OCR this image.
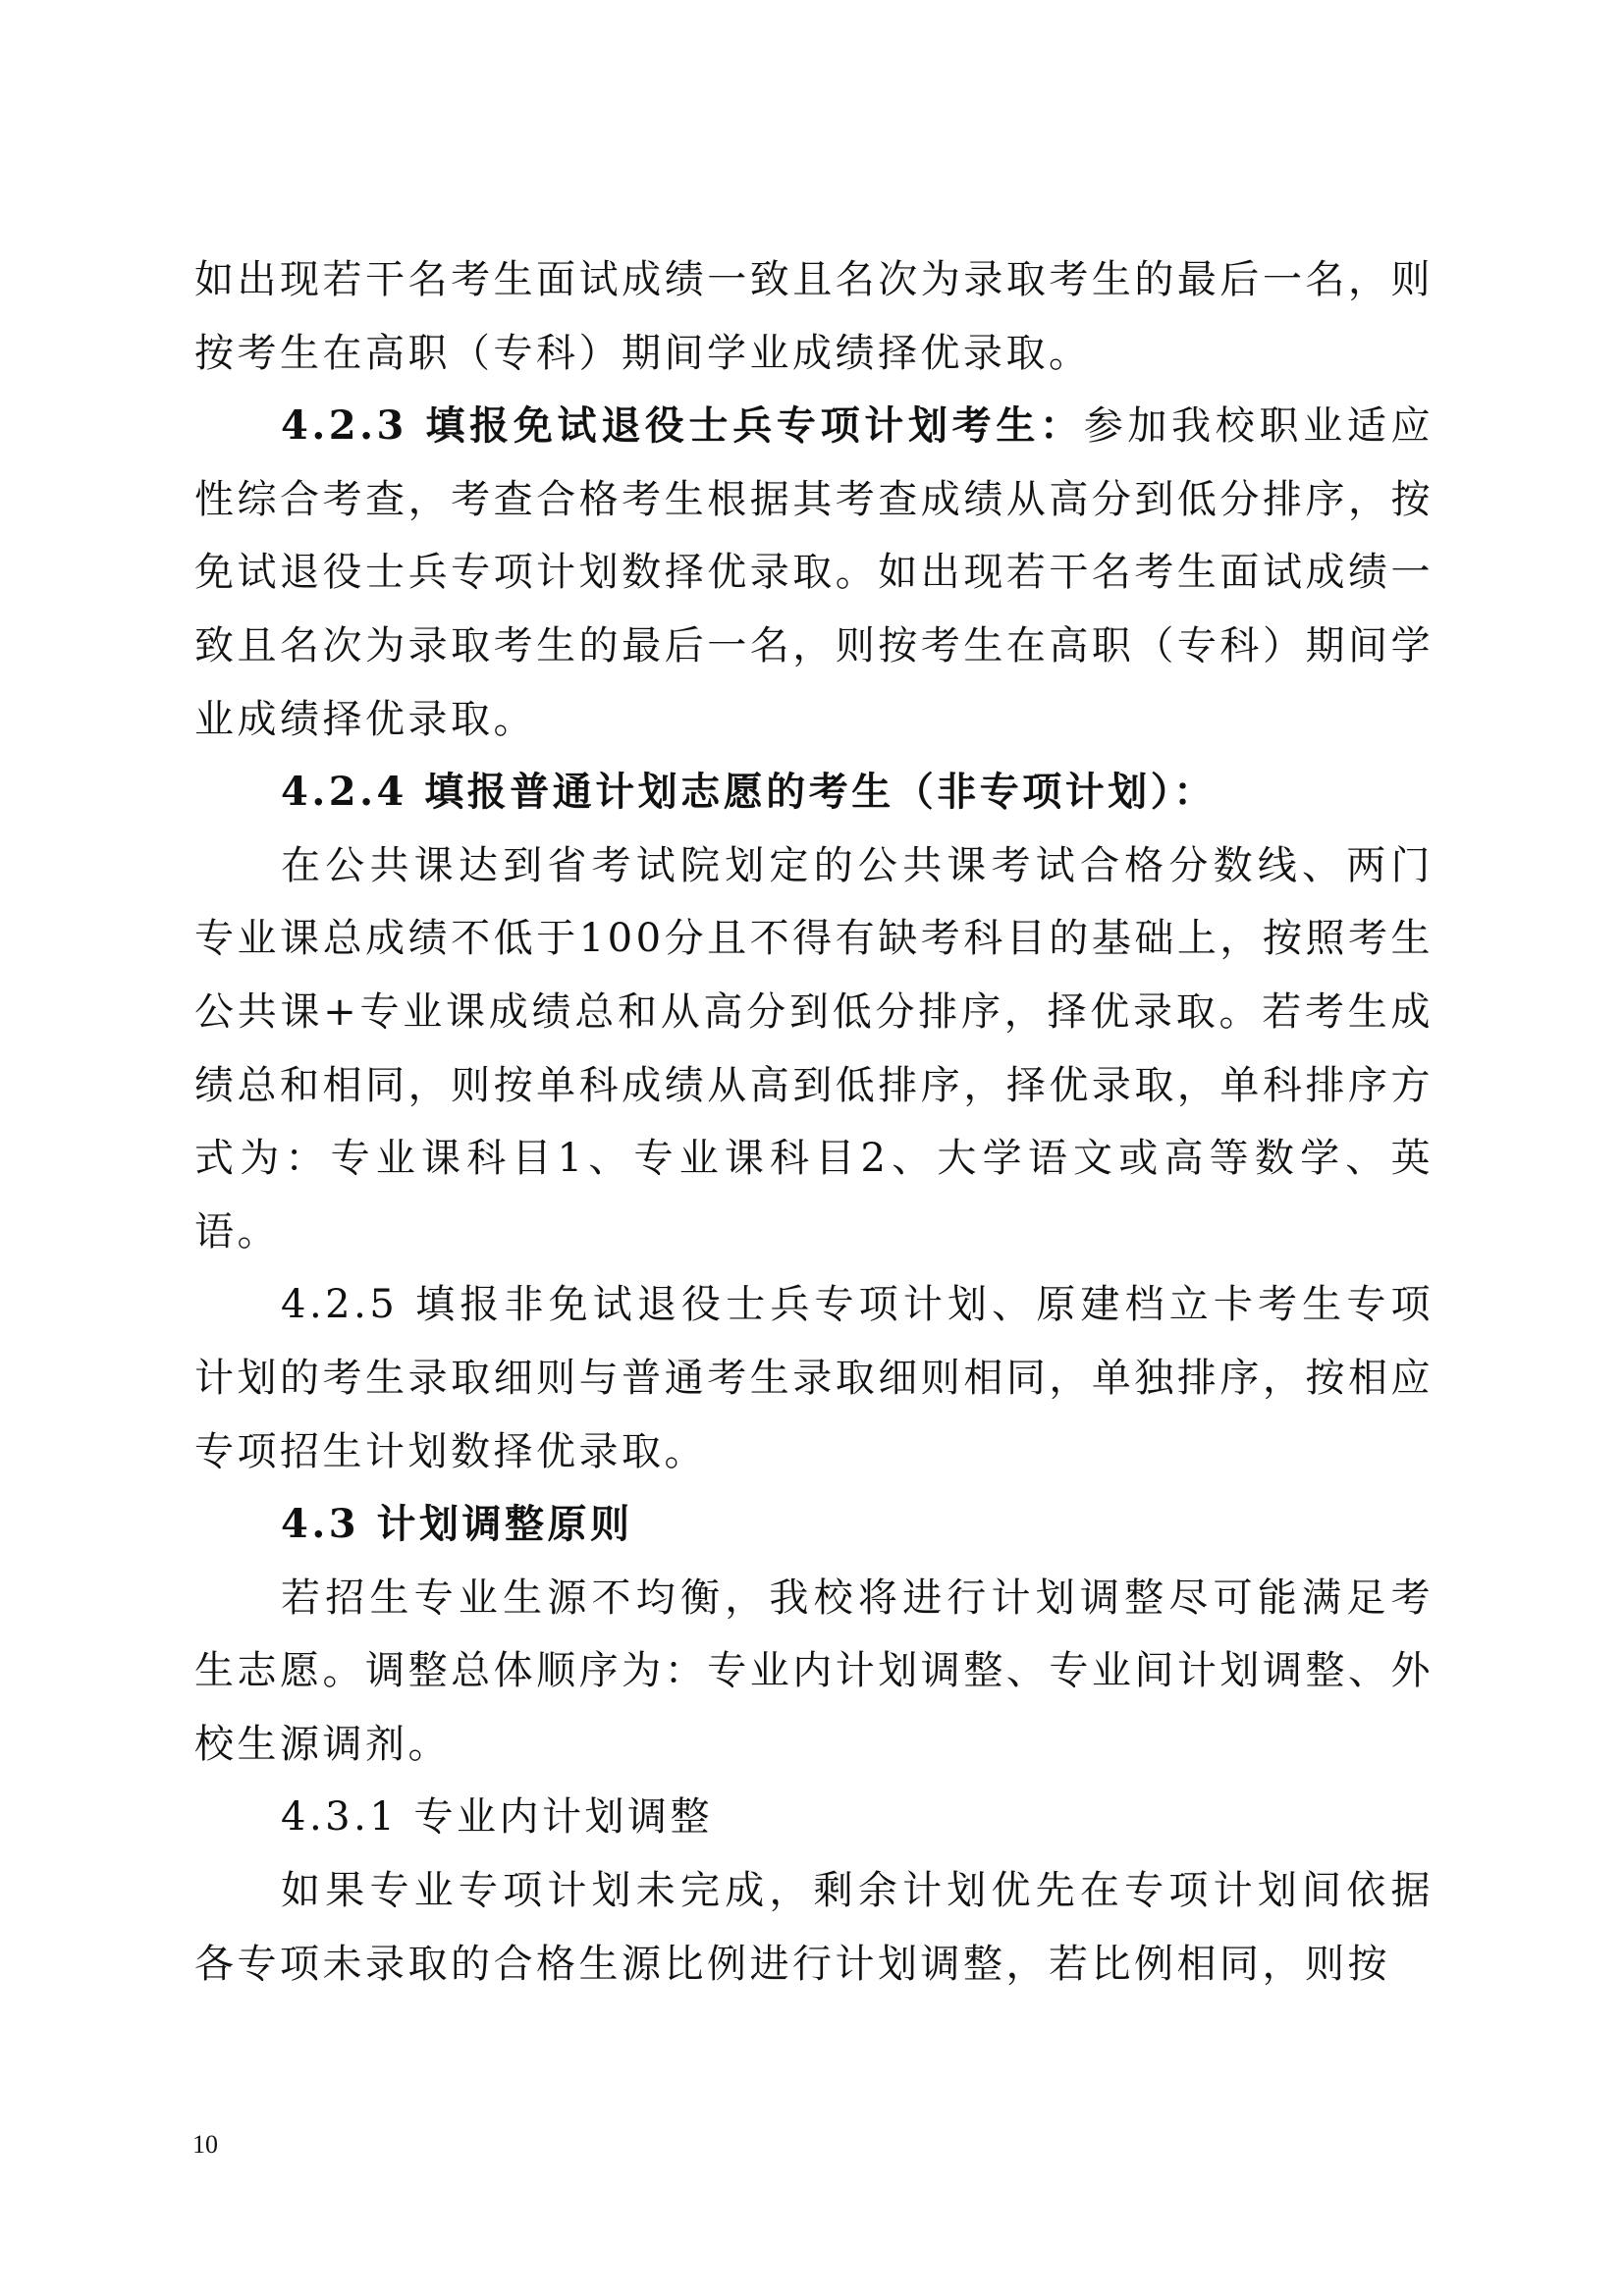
如出现若干名考生面试成绩一致且名次为录取考生的最后一名，则按考生在高职（专科）期间学业成绩择优录取。

4.2.3 填报免试退役士兵专项计划考生：参加我校职业适应性综合考查，考查合格考生根据其考查成绩从高分到低分排序，按免试退役士兵专项计划数择优录取。如出现若干名考生面试成绩一致且名次为录取考生的最后一名，则按考生在高职（专科）期间学业成绩择优录取。

4.2.4 填报普通计划志愿的考生（非专项计划）：

在公共课达到省考试院划定的公共课考试合格分数线、两门专业课总成绩不低于100分且不得有缺考科目的基础上，按照考生公共课+专业课成绩总和从高分到低分排序，择优录取。若考生成绩总和相同，则按单科成绩从高到低排序，择优录取，单科排序方式为：专业课科目1、专业课科目2、大学语文或高等数学、英语。

4.2.5 填报非免试退役士兵专项计划、原建档立卡考生专项计划的考生录取细则与普通考生录取细则相同，单独排序，按相应专项招生计划数择优录取。

4.3 计划调整原则

若招生专业生源不均衡，我校将进行计划调整尽可能满足考生志愿。调整总体顺序为：专业内计划调整、专业间计划调整、外校生源调剂。

4.3.1 专业内计划调整

如果专业专项计划未完成，剩余计划优先在专项计划间依据各专项未录取的合格生源比例进行计划调整，若比例相同，则按

10
